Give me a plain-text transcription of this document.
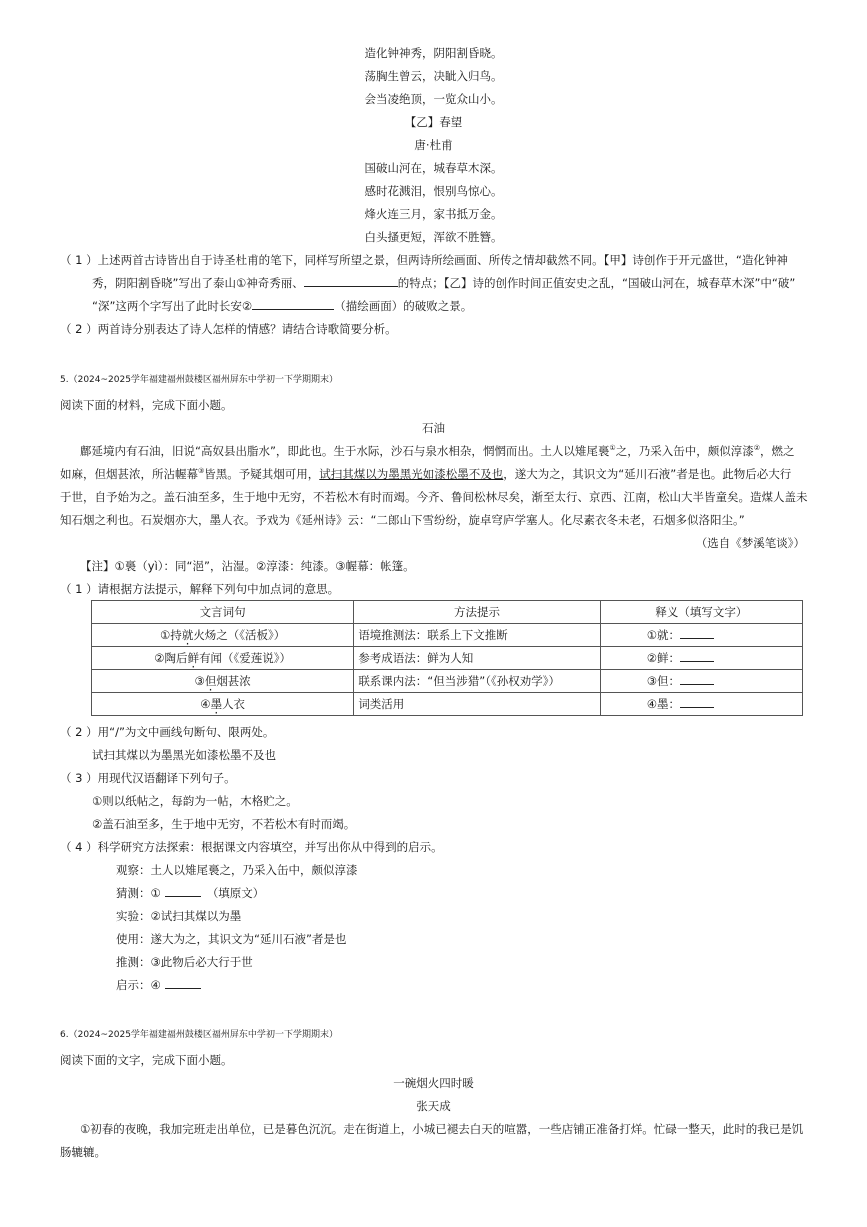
造化钟神秀，阴阳割昏晓。
荡胸生曾云，决眦入归鸟。
会当凌绝顶，一览众山小。
【乙】春望
唐·杜甫
国破山河在，城春草木深。
感时花溅泪，恨别鸟惊心。
烽火连三月，家书抵万金。
白头搔更短，浑欲不胜簪。
（ 1 ）上述两首古诗皆出自于诗圣杜甫的笔下，同样写所望之景，但两诗所绘画面、所传之情却截然不同。【甲】诗创作于开元盛世，“造化钟神
秀，阴阳割昏晓”写出了泰山①神奇秀丽、	的特点；【乙】诗的创作时间正值安史之乱，“国破山河在，城春草木深”中“破”
“深”这两个字写出了此时长安②	（描绘画面）的破败之景。
（ 2 ）两首诗分别表达了诗人怎样的情感？请结合诗歌简要分析。
5.（2024~2025学年福建福州鼓楼区福州屏东中学初一下学期期末）
阅读下面的材料，完成下面小题。
石油
鄜延境内有石油，旧说“高奴县出脂水”，即此也。生于水际，沙石与泉水相杂，惘惘而出。土人以雉尾裛①之，乃采入缶中，颇似淳漆②，燃之
如麻，但烟甚浓，所沾幄幕③皆黑。予疑其烟可用，试扫其煤以为墨黑光如漆松墨不及也，遂大为之，其识文为“延川石液”者是也。此物后必大行
于世，自予始为之。盖石油至多，生于地中无穷，不若松木有时而竭。今齐、鲁间松林尽矣，渐至太行、京西、江南，松山大半皆童矣。造煤人盖未
知石烟之利也。石炭烟亦大，墨人衣。予戏为《延州诗》云：“二郎山下雪纷纷，旋卓穹庐学塞人。化尽素衣冬未老，石烟多似洛阳尘。”
（选自《梦溪笔谈》）
【注】①裛（yì）：同“浥”，沾湿。②淳漆：纯漆。③幄幕：帐篷。
（ 1 ）请根据方法提示，解释下列句中加点词的意思。
文言词句	方法提示	释义（填写文字）
①持就火炀之（《活板》）	语境推测法：联系上下文推断	①就：
②陶后鲜有闻（《爱莲说》）	参考成语法：鲜为人知	②鲜：
③但烟甚浓	联系课内法：“但当涉猎”（《孙权劝学》）	③但：
④墨人衣	词类活用	④墨：
（ 2 ）用“/”为文中画线句断句、限两处。
试扫其煤以为墨黑光如漆松墨不及也
（ 3 ）用现代汉语翻译下列句子。
①则以纸帖之，每韵为一帖，木格贮之。
②盖石油至多，生于地中无穷，不若松木有时而竭。
（ 4 ）科学研究方法探索：根据课文内容填空，并写出你从中得到的启示。
观察：土人以雉尾裛之，乃采入缶中，颇似淳漆
猜测：①	（填原文）
实验：②试扫其煤以为墨
使用：遂大为之，其识文为“延川石液”者是也
推测：③此物后必大行于世
启示：④
6.（2024~2025学年福建福州鼓楼区福州屏东中学初一下学期期末）
阅读下面的文字，完成下面小题。
一碗烟火四时暖
张天成
①初春的夜晚，我加完班走出单位，已是暮色沉沉。走在街道上，小城已褪去白天的喧嚣，一些店铺正准备打烊。忙碌一整天，此时的我已是饥
肠辘辘。
